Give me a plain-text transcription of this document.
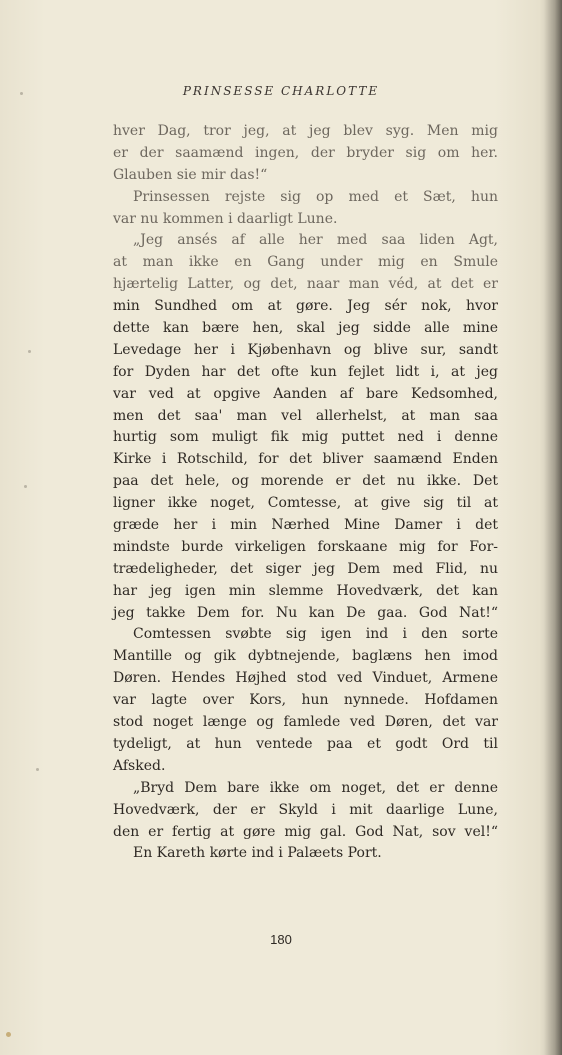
PRINSESSE CHARLOTTE
hver Dag, tror jeg, at jeg blev syg. Men mig
er der saamænd ingen, der bryder sig om her.
Glauben sie mir das!“
Prinsessen rejste sig op med et Sæt, hun
var nu kommen i daarligt Lune.
„Jeg ansés af alle her med saa liden Agt,
at man ikke en Gang under mig en Smule
hjærtelig Latter, og det, naar man véd, at det er
min Sundhed om at gøre. Jeg sér nok, hvor
dette kan bære hen, skal jeg sidde alle mine
Levedage her i Kjøbenhavn og blive sur, sandt
for Dyden har det ofte kun fejlet lidt i, at jeg
var ved at opgive Aanden af bare Kedsomhed,
men det saa' man vel allerhelst, at man saa
hurtig som muligt fik mig puttet ned i denne
Kirke i Rotschild, for det bliver saamænd Enden
paa det hele, og morende er det nu ikke. Det
ligner ikke noget, Comtesse, at give sig til at
græde her i min Nærhed Mine Damer i det
mindste burde virkeligen forskaane mig for For-
trædeligheder, det siger jeg Dem med Flid, nu
har jeg igen min slemme Hovedværk, det kan
jeg takke Dem for. Nu kan De gaa. God Nat!“
Comtessen svøbte sig igen ind i den sorte
Mantille og gik dybtnejende, baglæns hen imod
Døren. Hendes Højhed stod ved Vinduet, Armene
var lagte over Kors, hun nynnede. Hofdamen
stod noget længe og famlede ved Døren, det var
tydeligt, at hun ventede paa et godt Ord til
Afsked.
„Bryd Dem bare ikke om noget, det er denne
Hovedværk, der er Skyld i mit daarlige Lune,
den er fertig at gøre mig gal. God Nat, sov vel!“
En Kareth kørte ind i Palæets Port.
180
